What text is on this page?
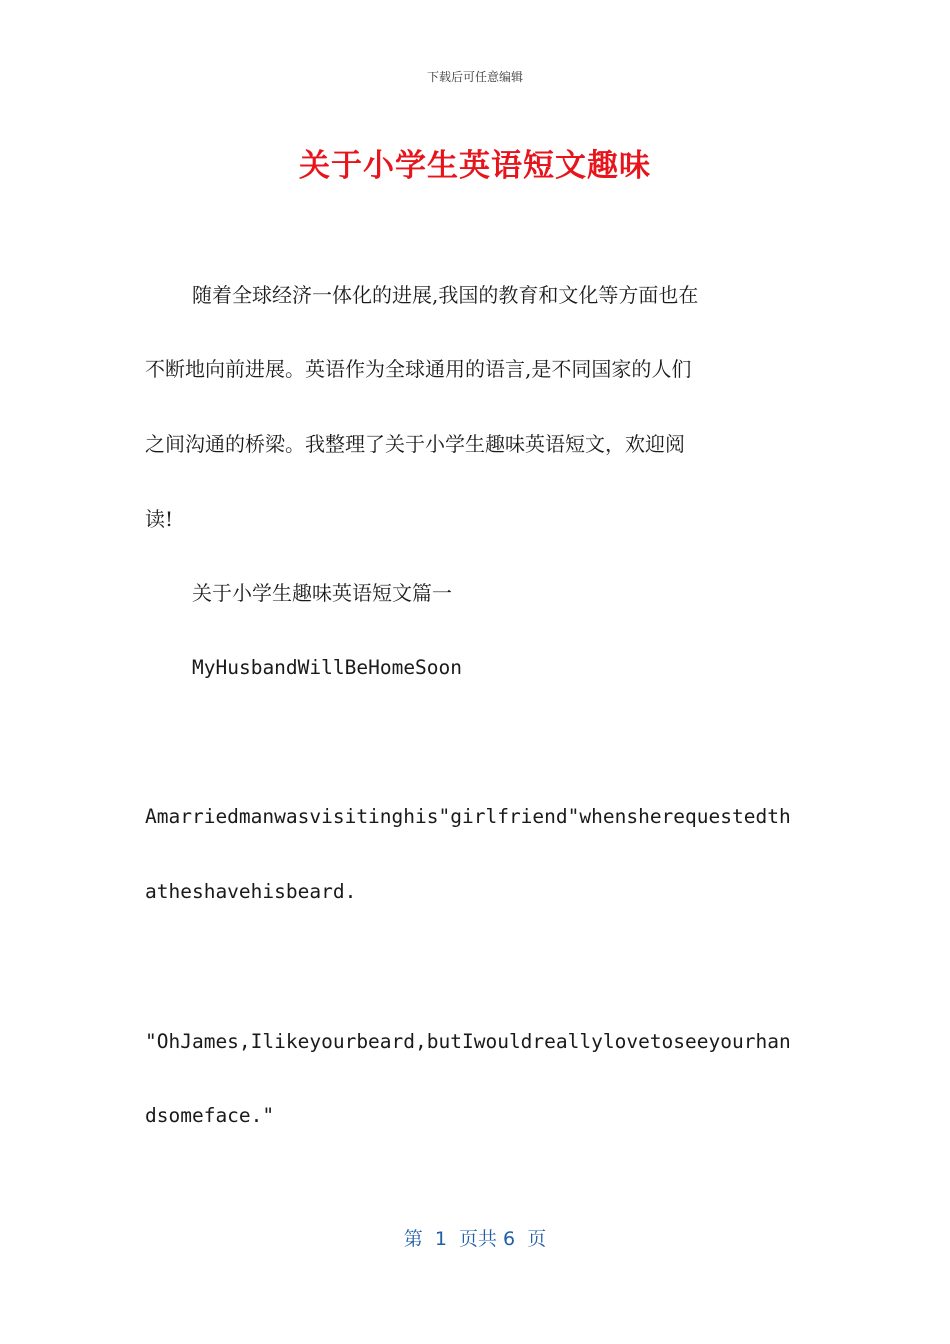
下载后可任意编辑
关于小学生英语短文趣味
随着全球经济一体化的进展,我国的教育和文化等方面也在
不断地向前进展。英语作为全球通用的语言,是不同国家的人们
之间沟通的桥梁。我整理了关于小学生趣味英语短文，欢迎阅
读!
关于小学生趣味英语短文篇一
MyHusbandWillBeHomeSoon
Amarriedmanwasvisitinghis"girlfriend"whensherequestedth
atheshavehisbeard.
"OhJames,Ilikeyourbeard,butIwouldreallylovetoseeyourhan
dsomeface."
第  1  页共 6  页
